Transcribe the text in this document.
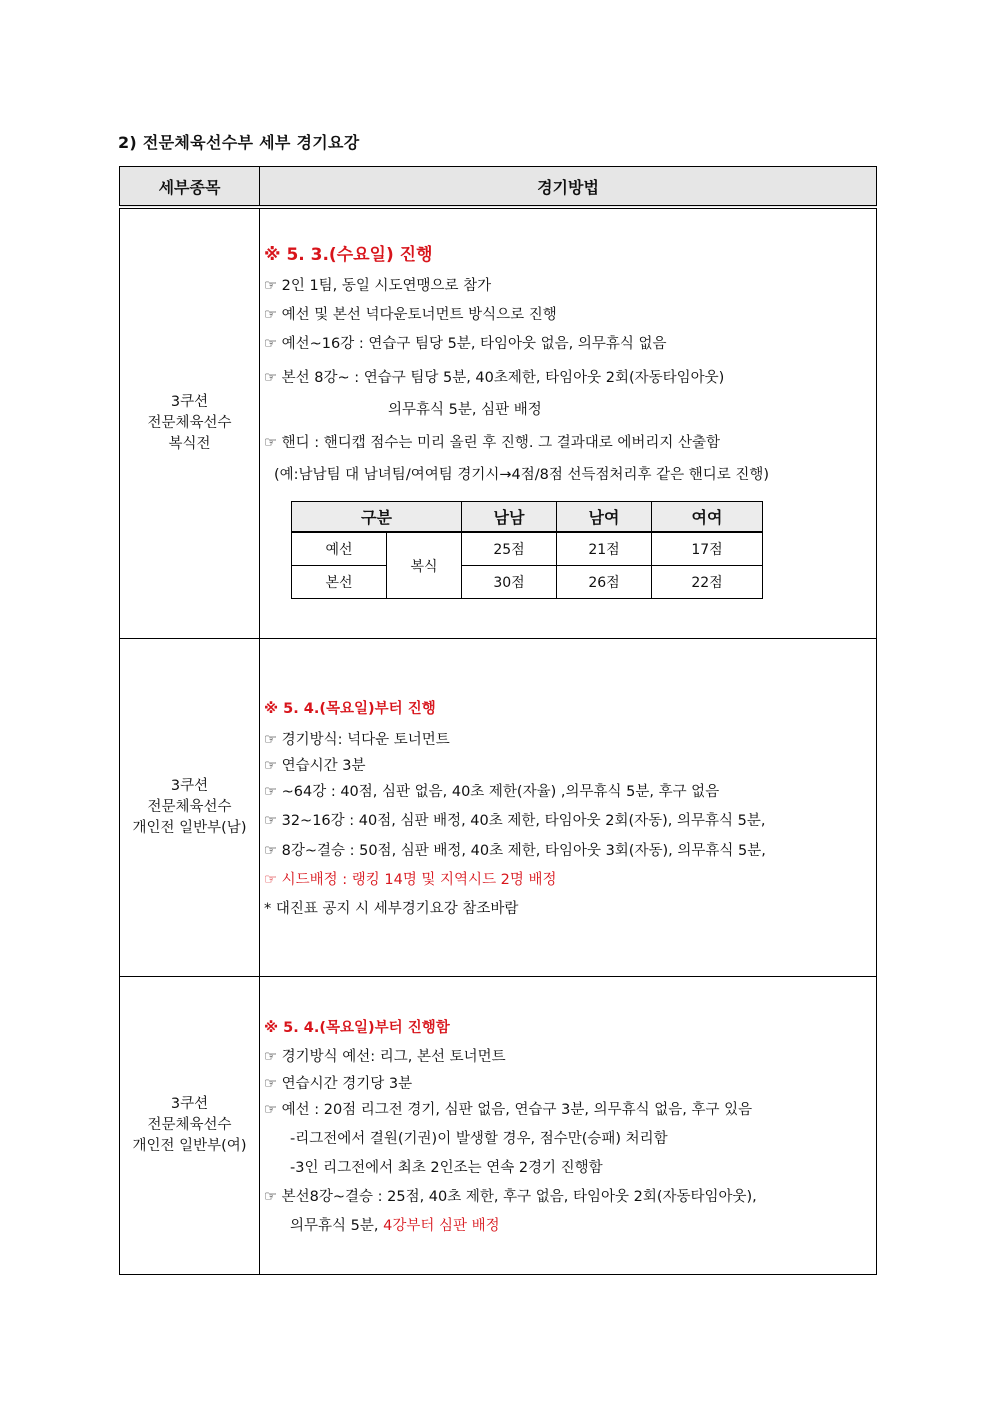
2) 전문체육선수부 세부 경기요강
세부종목	경기방법

3쿠션
전문체육선수
복식전

※ 5. 3.(수요일) 진행
☞ 2인 1팀, 동일 시도연맹으로 참가
☞ 예선 및 본선 넉다운토너먼트 방식으로 진행
☞ 예선~16강 : 연습구 팀당 5분, 타임아웃 없음, 의무휴식 없음
☞ 본선 8강~ : 연습구 팀당 5분, 40초제한, 타임아웃 2회(자동타임아웃)
의무휴식 5분, 심판 배정
☞ 핸디 : 핸디캡 점수는 미리 올린 후 진행. 그 결과대로 에버리지 산출함
(예:남남팀 대 남녀팀/여여팀 경기시→4점/8점 선득점처리후 같은 핸디로 진행)
구분	남남	남여	여여
예선	복식	25점	21점	17점
본선	30점	26점	22점

3쿠션
전문체육선수
개인전 일반부(남)

※ 5. 4.(목요일)부터 진행
☞ 경기방식: 넉다운 토너먼트
☞ 연습시간 3분
☞ ~64강 : 40점, 심판 없음, 40초 제한(자율) ,의무휴식 5분, 후구 없음
☞ 32~16강 : 40점, 심판 배정, 40초 제한, 타임아웃 2회(자동), 의무휴식 5분,
☞ 8강~결승 : 50점, 심판 배정, 40초 제한, 타임아웃 3회(자동), 의무휴식 5분,
☞ 시드배정 : 랭킹 14명 및 지역시드 2명 배정
* 대진표 공지 시 세부경기요강 참조바람

3쿠션
전문체육선수
개인전 일반부(여)

※ 5. 4.(목요일)부터 진행함
☞ 경기방식 예선: 리그, 본선 토너먼트
☞ 연습시간 경기당 3분
☞ 예선 : 20점 리그전 경기, 심판 없음, 연습구 3분, 의무휴식 없음, 후구 있음
-리그전에서 결원(기권)이 발생할 경우, 점수만(승패) 처리함
-3인 리그전에서 최초 2인조는 연속 2경기 진행함
☞ 본선8강~결승 : 25점, 40초 제한, 후구 없음, 타임아웃 2회(자동타임아웃),
의무휴식 5분, 4강부터 심판 배정
